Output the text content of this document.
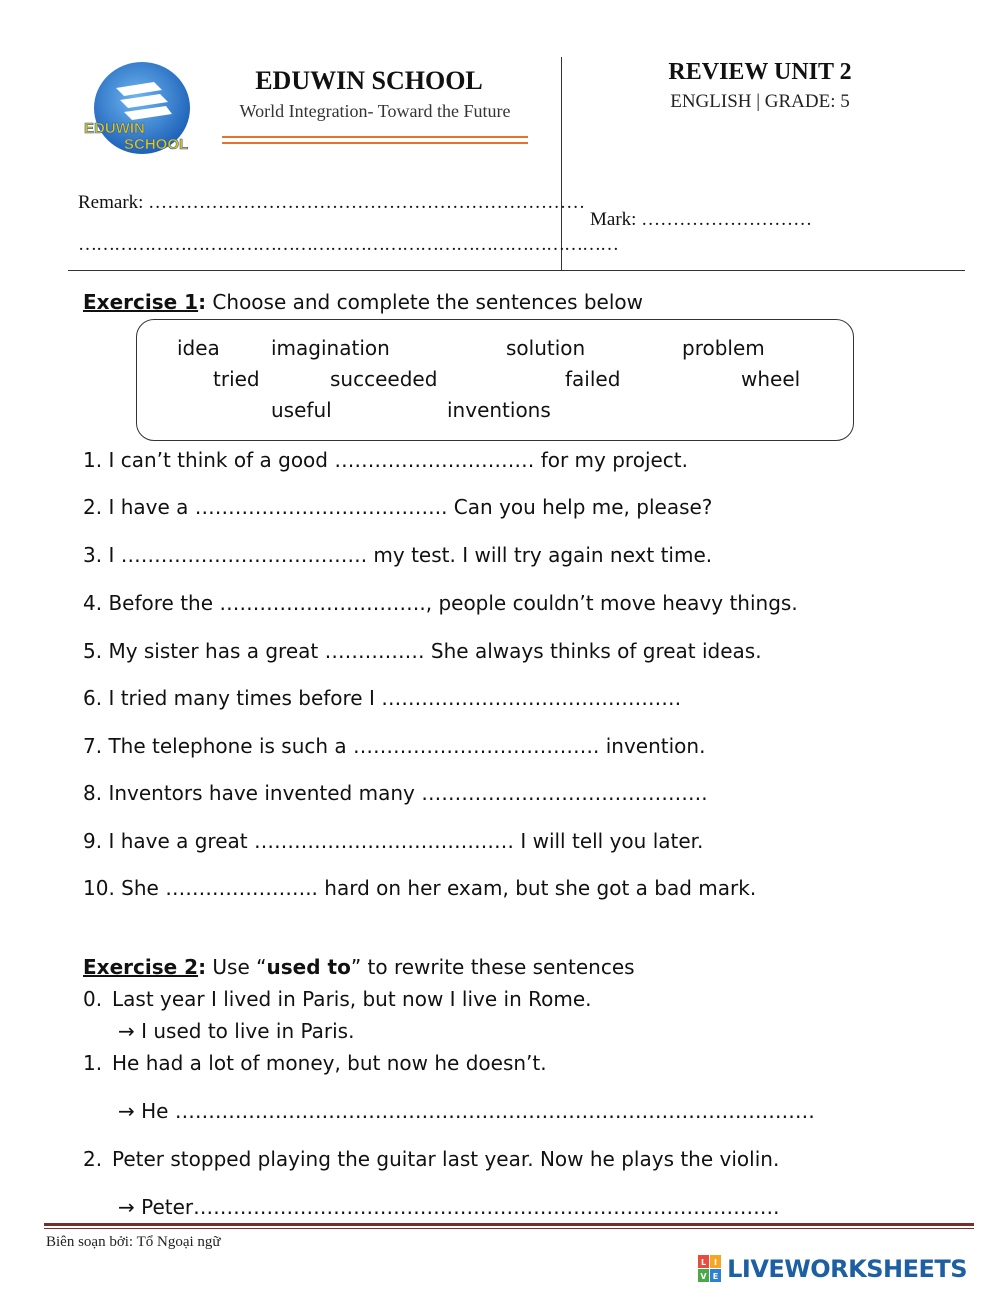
EDUWIN
SCHOOL
EDUWIN SCHOOL
World Integration- Toward the Future
REVIEW UNIT 2
ENGLISH | GRADE: 5
Remark: ……………………………………………………………
………………………………………………………………………………
Mark: ………………………
Exercise 1: Choose and complete the sentences below
idea	imagination	solution	problem
tried	succeeded	failed	wheel
useful	inventions
1. I can’t think of a good ………………………… for my project.
2. I have a ……………………………….. Can you help me, please?
3. I ………………………………. my test. I will try again next time.
4. Before the …………………………., people couldn’t move heavy things.
5. My sister has a great …………… She always thinks of great ideas.
6. I tried many times before I ………………………………………
7. The telephone is such a ………………………………. invention.
8. Inventors have invented many …………………………………….
9. I have a great ………………………………… I will tell you later.
10. She ………………….. hard on her exam, but she got a bad mark.
Exercise 2: Use “used to” to rewrite these sentences
0. Last year I lived in Paris, but now I live in Rome.
→ I used to live in Paris.
1. He had a lot of money, but now he doesn’t.
→ He ……………………………………………………………………………………
2. Peter stopped playing the guitar last year. Now he plays the violin.
→ Peter…………………………………………………………………………….
Biên soạn bởi: Tổ Ngoại ngữ
L I
V E LIVEWORKSHEETS
